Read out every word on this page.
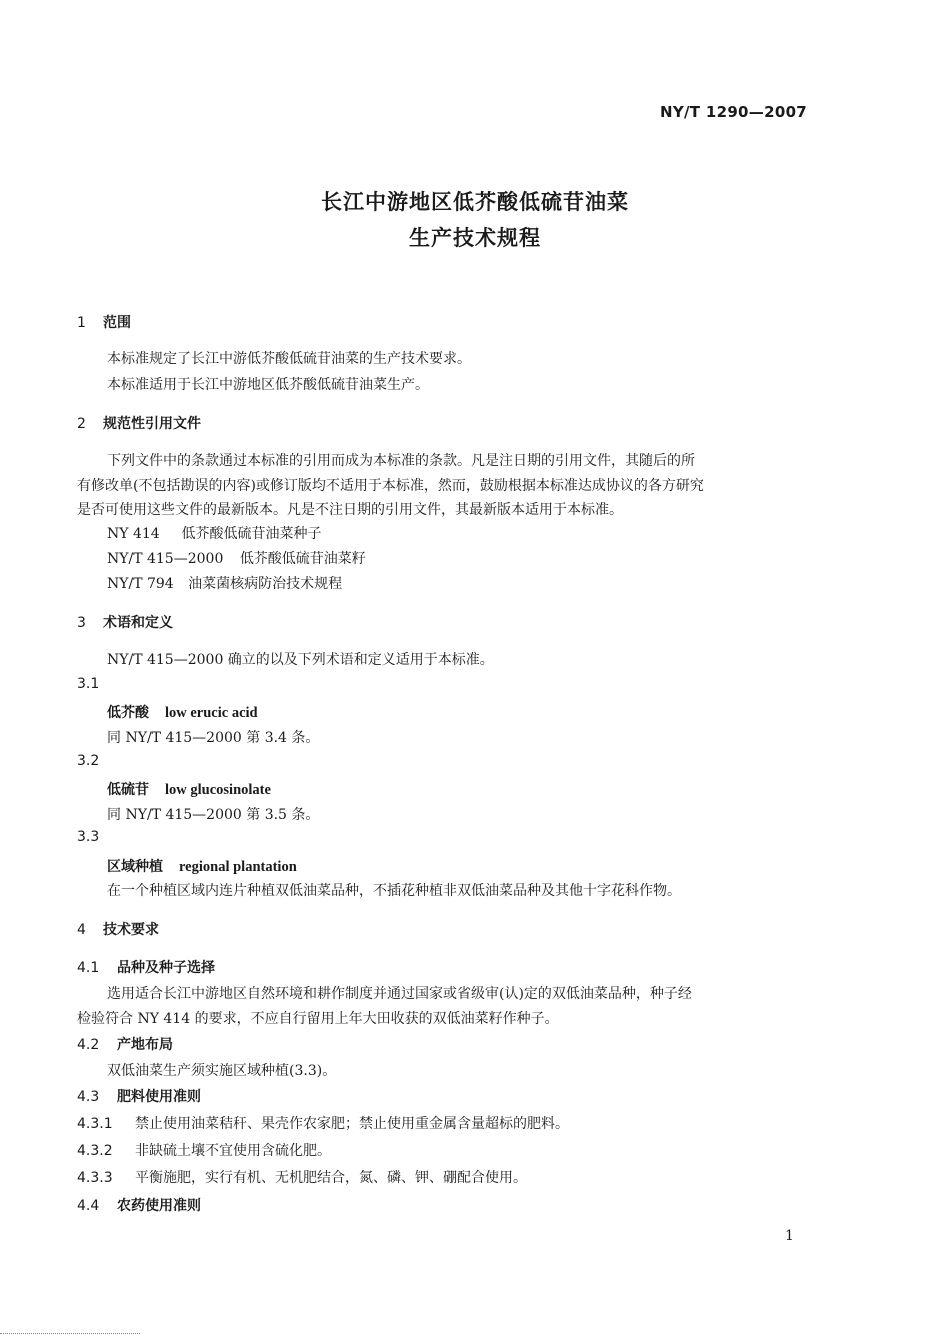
NY/T 1290—2007
长江中游地区低芥酸低硫苷油菜
生产技术规程
1 范围
本标准规定了长江中游低芥酸低硫苷油菜的生产技术要求。
本标准适用于长江中游地区低芥酸低硫苷油菜生产。
2 规范性引用文件
下列文件中的条款通过本标准的引用而成为本标准的条款。凡是注日期的引用文件，其随后的所
有修改单(不包括勘误的内容)或修订版均不适用于本标准，然而，鼓励根据本标准达成协议的各方研究
是否可使用这些文件的最新版本。凡是不注日期的引用文件，其最新版本适用于本标准。
NY 414 低芥酸低硫苷油菜种子
NY/T 415—2000 低芥酸低硫苷油菜籽
NY/T 794 油菜菌核病防治技术规程
3 术语和定义
NY/T 415—2000 确立的以及下列术语和定义适用于本标准。
3.1
低芥酸 low erucic acid
同 NY/T 415—2000 第 3.4 条。
3.2
低硫苷 low glucosinolate
同 NY/T 415—2000 第 3.5 条。
3.3
区域种植 regional plantation
在一个种植区域内连片种植双低油菜品种，不插花种植非双低油菜品种及其他十字花科作物。
4 技术要求
4.1 品种及种子选择
选用适合长江中游地区自然环境和耕作制度并通过国家或省级审(认)定的双低油菜品种，种子经
检验符合 NY 414 的要求，不应自行留用上年大田收获的双低油菜籽作种子。
4.2 产地布局
双低油菜生产须实施区域种植(3.3)。
4.3 肥料使用准则
4.3.1 禁止使用油菜秸秆、果壳作农家肥；禁止使用重金属含量超标的肥料。
4.3.2 非缺硫土壤不宜使用含硫化肥。
4.3.3 平衡施肥，实行有机、无机肥结合，氮、磷、钾、硼配合使用。
4.4 农药使用准则
1
